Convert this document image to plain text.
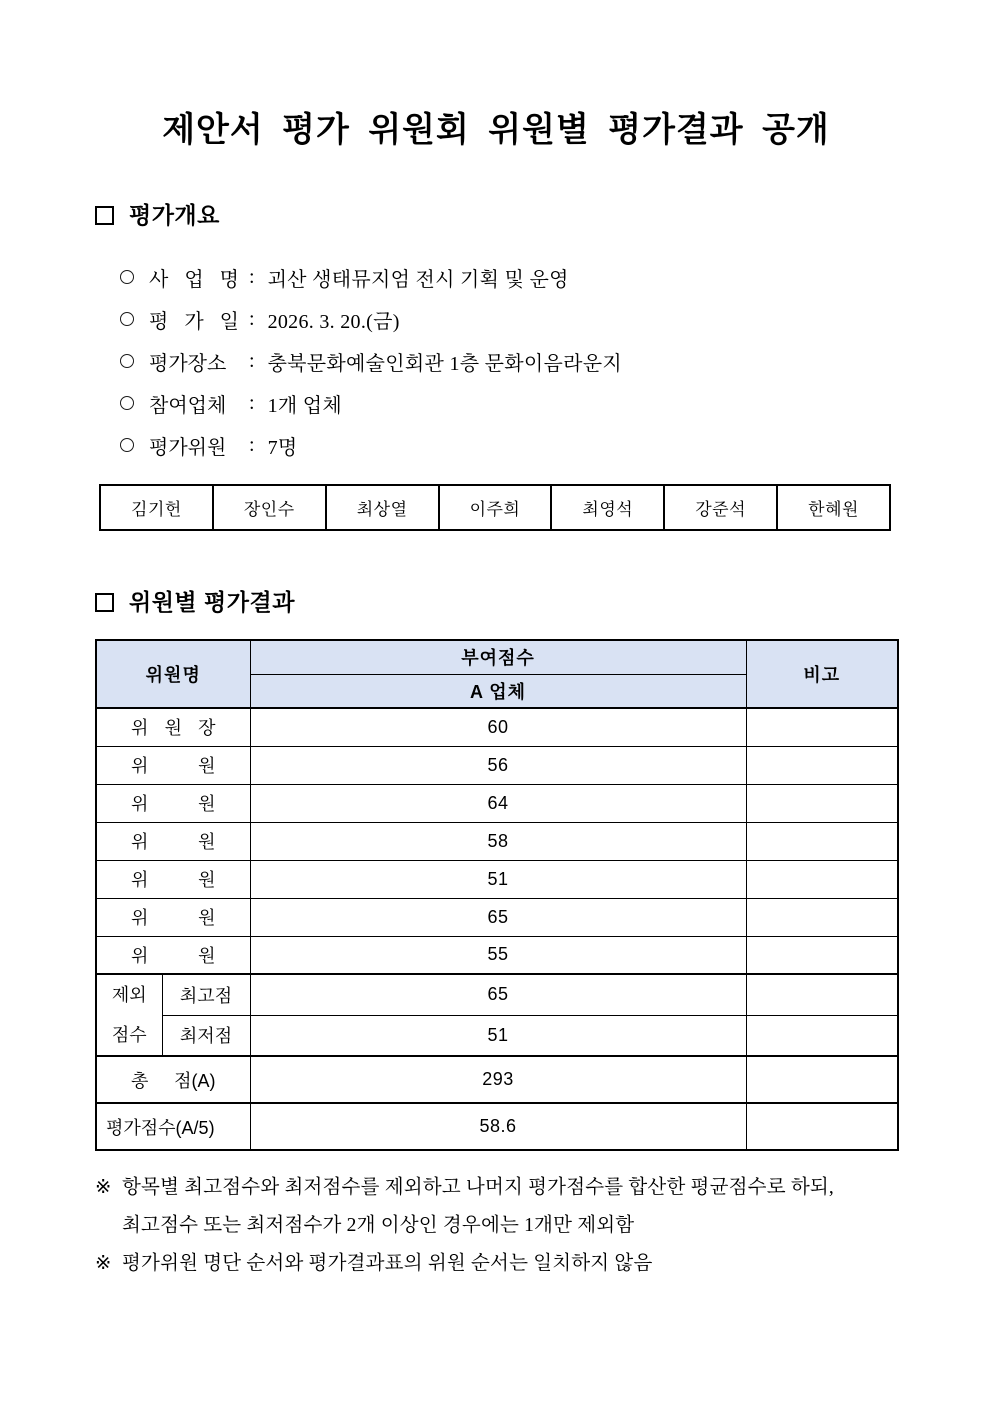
제안서 평가 위원회 위원별 평가결과 공개
평가개요
사 업 명 : 괴산 생태뮤지엄 전시 기획 및 운영
평 가 일 : 2026. 3. 20.(금)
평가장소 : 충북문화예술인회관 1층 문화이음라운지
참여업체 : 1개 업체
평가위원 : 7명
김기헌	장인수	최상열	이주희	최영석	강준석	한혜원
위원별 평가결과
위원명		부여점수	비고
		A 업체	

위 원 장		60	

위 원		56	

위 원		64	

위 원		58	

위 원		51	

위 원		65	

위 원		55	

제외
점수	최고점	65	
	최저점	51	

총 점(A)		293	

평가점수(A/5)		58.6	
※ 항목별 최고점수와 최저점수를 제외하고 나머지 평가점수를 합산한 평균점수로 하되,
최고점수 또는 최저점수가 2개 이상인 경우에는 1개만 제외함
※ 평가위원 명단 순서와 평가결과표의 위원 순서는 일치하지 않음
